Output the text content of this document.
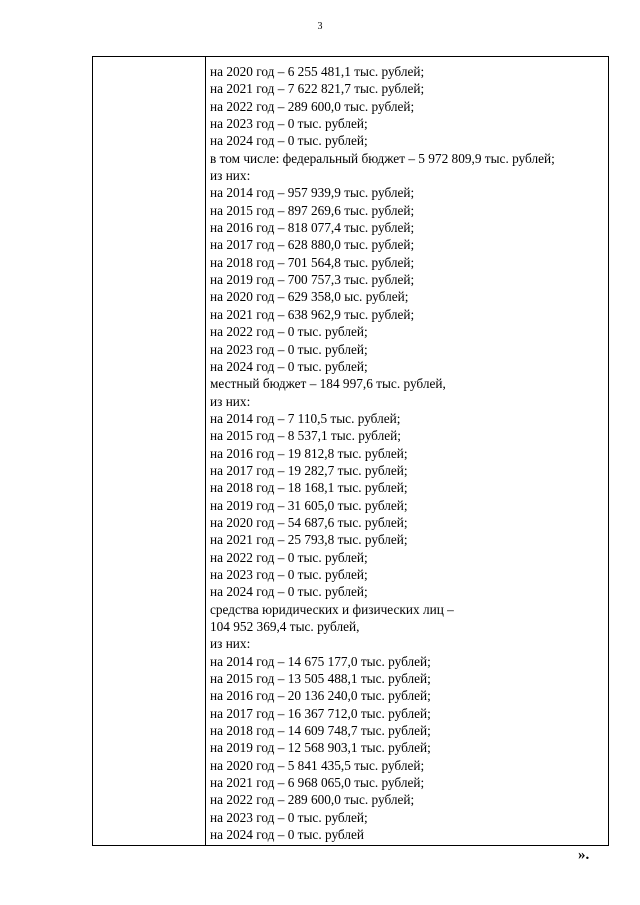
3
на 2020 год – 6 255 481,1 тыс. рублей;
на 2021 год – 7 622 821,7 тыс. рублей;
на 2022 год – 289 600,0 тыс. рублей;
на 2023 год – 0 тыс. рублей;
на 2024 год – 0 тыс. рублей;
в том числе: федеральный бюджет – 5 972 809,9 тыс. рублей;
из них:
на 2014 год – 957 939,9 тыс. рублей;
на 2015 год – 897 269,6 тыс. рублей;
на 2016 год – 818 077,4 тыс. рублей;
на 2017 год – 628 880,0 тыс. рублей;
на 2018 год – 701 564,8 тыс. рублей;
на 2019 год – 700 757,3 тыс. рублей;
на 2020 год – 629 358,0 ыс. рублей;
на 2021 год – 638 962,9 тыс. рублей;
на 2022 год – 0 тыс. рублей;
на 2023 год – 0 тыс. рублей;
на 2024 год – 0 тыс. рублей;
местный бюджет – 184 997,6 тыс. рублей,
из них:
на 2014 год – 7 110,5 тыс. рублей;
на 2015 год – 8 537,1 тыс. рублей;
на 2016 год – 19 812,8 тыс. рублей;
на 2017 год – 19 282,7 тыс. рублей;
на 2018 год – 18 168,1 тыс. рублей;
на 2019 год – 31 605,0 тыс. рублей;
на 2020 год – 54 687,6 тыс. рублей;
на 2021 год – 25 793,8 тыс. рублей;
на 2022 год – 0 тыс. рублей;
на 2023 год – 0 тыс. рублей;
на 2024 год – 0 тыс. рублей;
средства юридических и физических лиц –
104 952 369,4 тыс. рублей,
из них:
на 2014 год – 14 675 177,0 тыс. рублей;
на 2015 год – 13 505 488,1 тыс. рублей;
на 2016 год – 20 136 240,0 тыс. рублей;
на 2017 год – 16 367 712,0 тыс. рублей;
на 2018 год – 14 609 748,7 тыс. рублей;
на 2019 год – 12 568 903,1 тыс. рублей;
на 2020 год – 5 841 435,5 тыс. рублей;
на 2021 год – 6 968 065,0 тыс. рублей;
на 2022 год – 289 600,0 тыс. рублей;
на 2023 год – 0 тыс. рублей;
на 2024 год – 0 тыс. рублей
».
